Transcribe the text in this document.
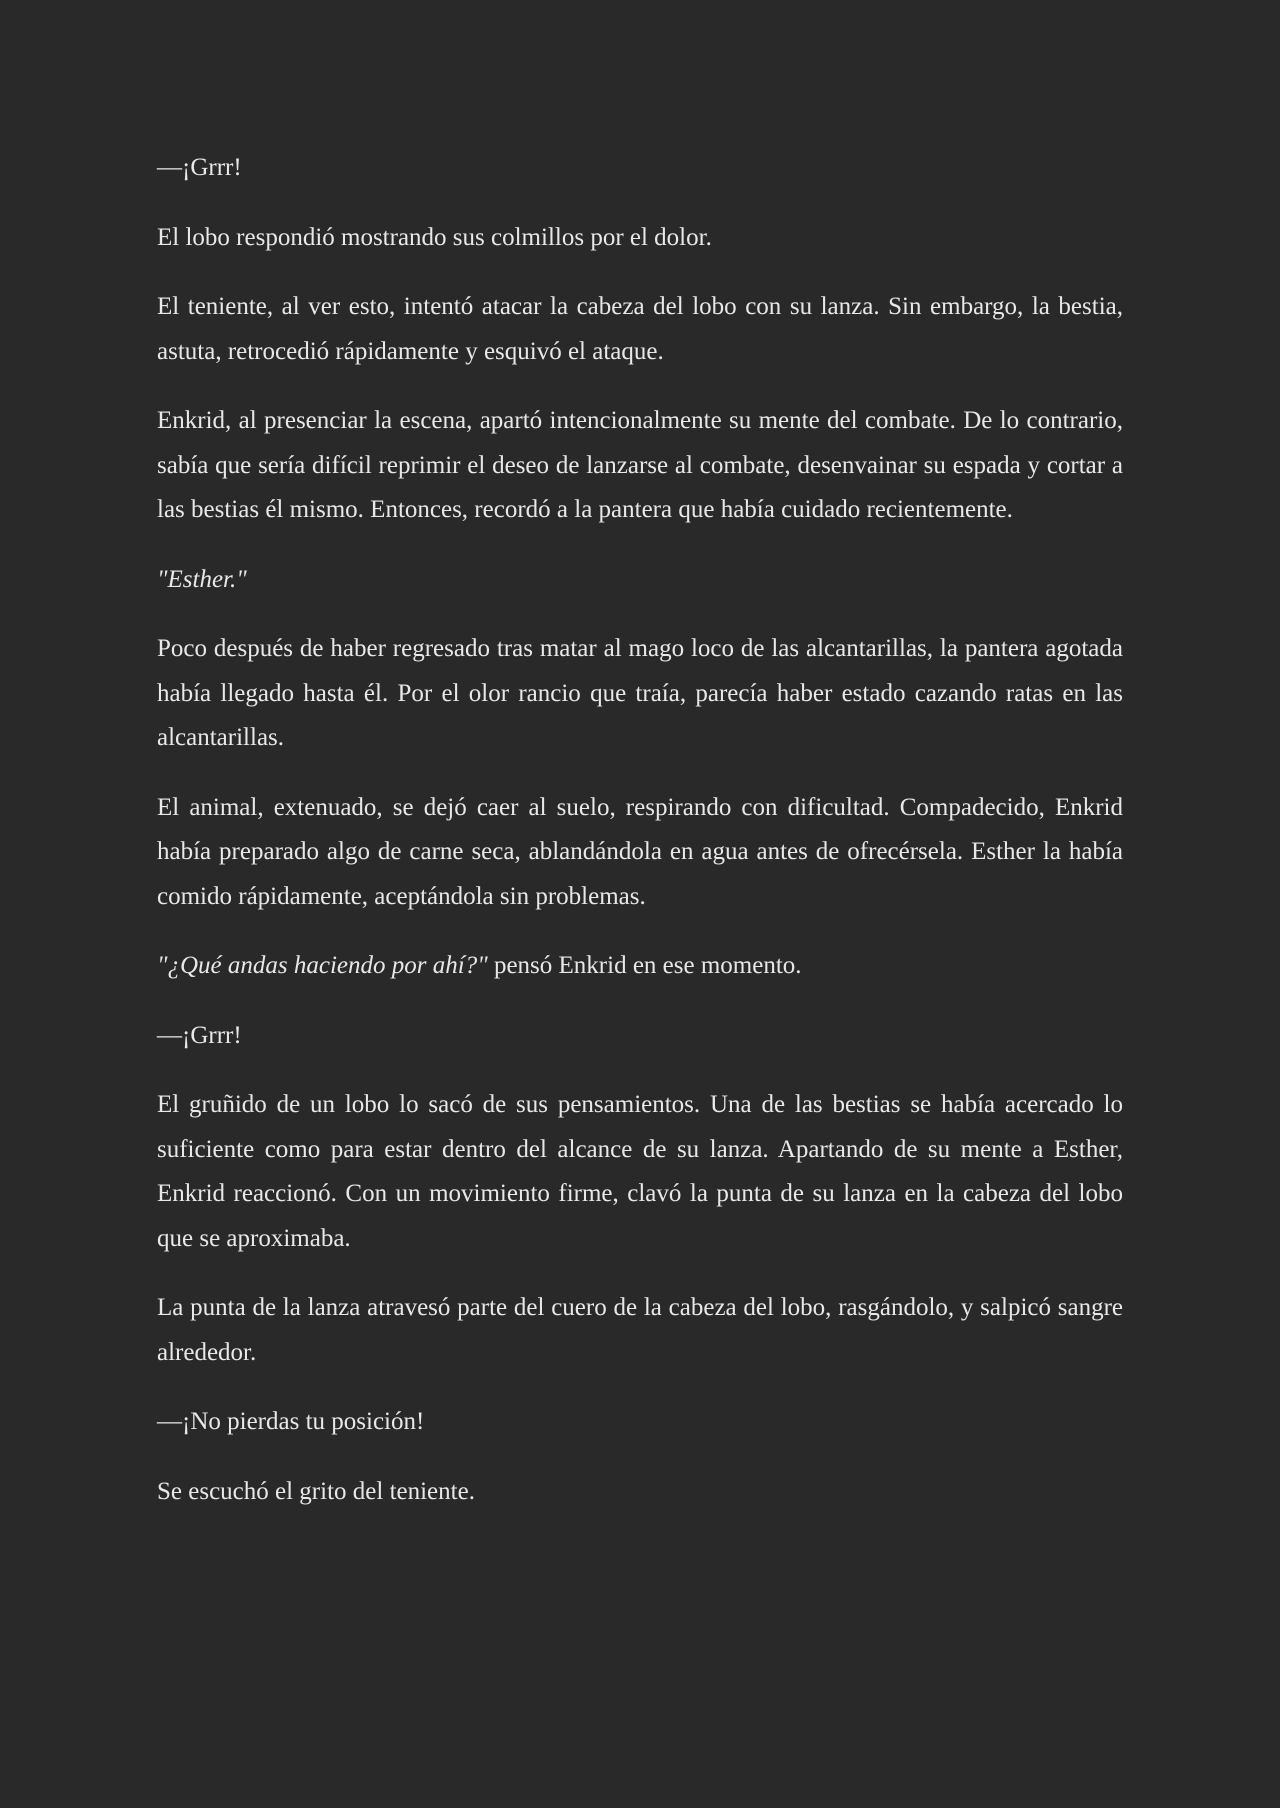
—¡Grrr!

El lobo respondió mostrando sus colmillos por el dolor.

El teniente, al ver esto, intentó atacar la cabeza del lobo con su lanza. Sin embargo, la bestia, astuta, retrocedió rápidamente y esquivó el ataque.

Enkrid, al presenciar la escena, apartó intencionalmente su mente del combate. De lo contrario, sabía que sería difícil reprimir el deseo de lanzarse al combate, desenvainar su espada y cortar a las bestias él mismo. Entonces, recordó a la pantera que había cuidado recientemente.

"Esther."

Poco después de haber regresado tras matar al mago loco de las alcantarillas, la pantera agotada había llegado hasta él. Por el olor rancio que traía, parecía haber estado cazando ratas en las alcantarillas.

El animal, extenuado, se dejó caer al suelo, respirando con dificultad. Compadecido, Enkrid había preparado algo de carne seca, ablandándola en agua antes de ofrecérsela. Esther la había comido rápidamente, aceptándola sin problemas.

"¿Qué andas haciendo por ahí?" pensó Enkrid en ese momento.

—¡Grrr!

El gruñido de un lobo lo sacó de sus pensamientos. Una de las bestias se había acercado lo suficiente como para estar dentro del alcance de su lanza. Apartando de su mente a Esther, Enkrid reaccionó. Con un movimiento firme, clavó la punta de su lanza en la cabeza del lobo que se aproximaba.

La punta de la lanza atravesó parte del cuero de la cabeza del lobo, rasgándolo, y salpicó sangre alrededor.

—¡No pierdas tu posición!

Se escuchó el grito del teniente.
